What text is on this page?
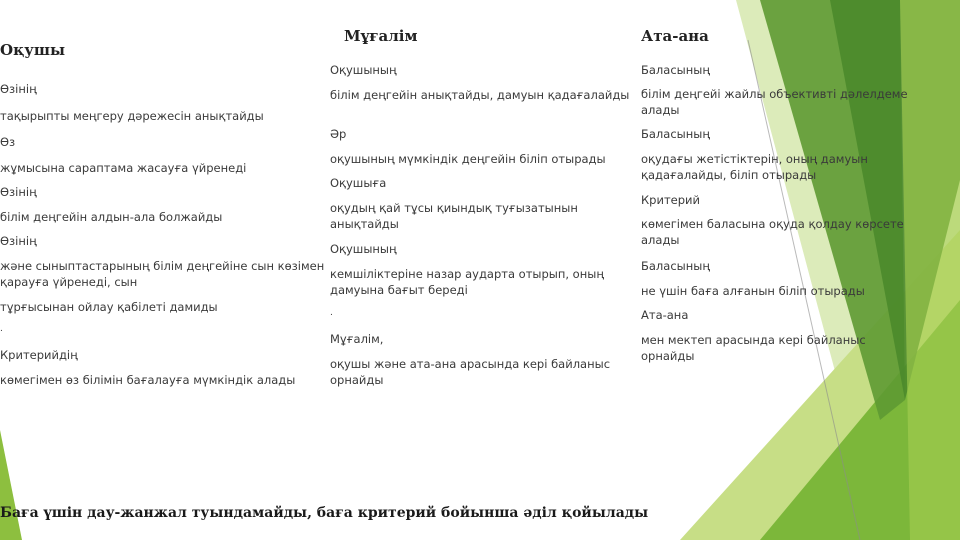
Оқушы
Өзінің
тақырыпты меңгеру дәрежесін анықтайды
Өз
жұмысына сараптама жасауға үйренеді
Өзінің
білім деңгейін алдын-ала болжайды
Өзінің
және сыныптастарының білім деңгейіне сын көзімен қарауға үйренеді, сын
тұрғысынан ойлау қабілеті дамиды
.
Критерийдің
көмегімен өз білімін бағалауға мүмкіндік алады
Мұғалім
Оқушының
білім деңгейін анықтайды, дамуын қадағалайды
Әр
оқушының мүмкіндік деңгейін біліп отырады
Оқушыға
оқудың қай тұсы қиындық туғызатынын анықтайды
Оқушының
кемшіліктеріне назар аударта отырып, оның дамуына бағыт береді
.
Мұғалім,
оқушы және ата-ана арасында кері байланыс орнайды
Ата-ана
Баласының
білім деңгейі жайлы объективті дәлелдеме алады
Баласының
оқудағы жетістіктерін, оның дамуын қадағалайды, біліп отырады
Критерий
көмегімен баласына оқуда қолдау көрсете алады
Баласының
не үшін баға алғанын біліп отырады
Ата-ана
мен мектеп арасында кері байланыс орнайды
Баға үшін дау-жанжал туындамайды, баға критерий бойынша әділ қойылады
